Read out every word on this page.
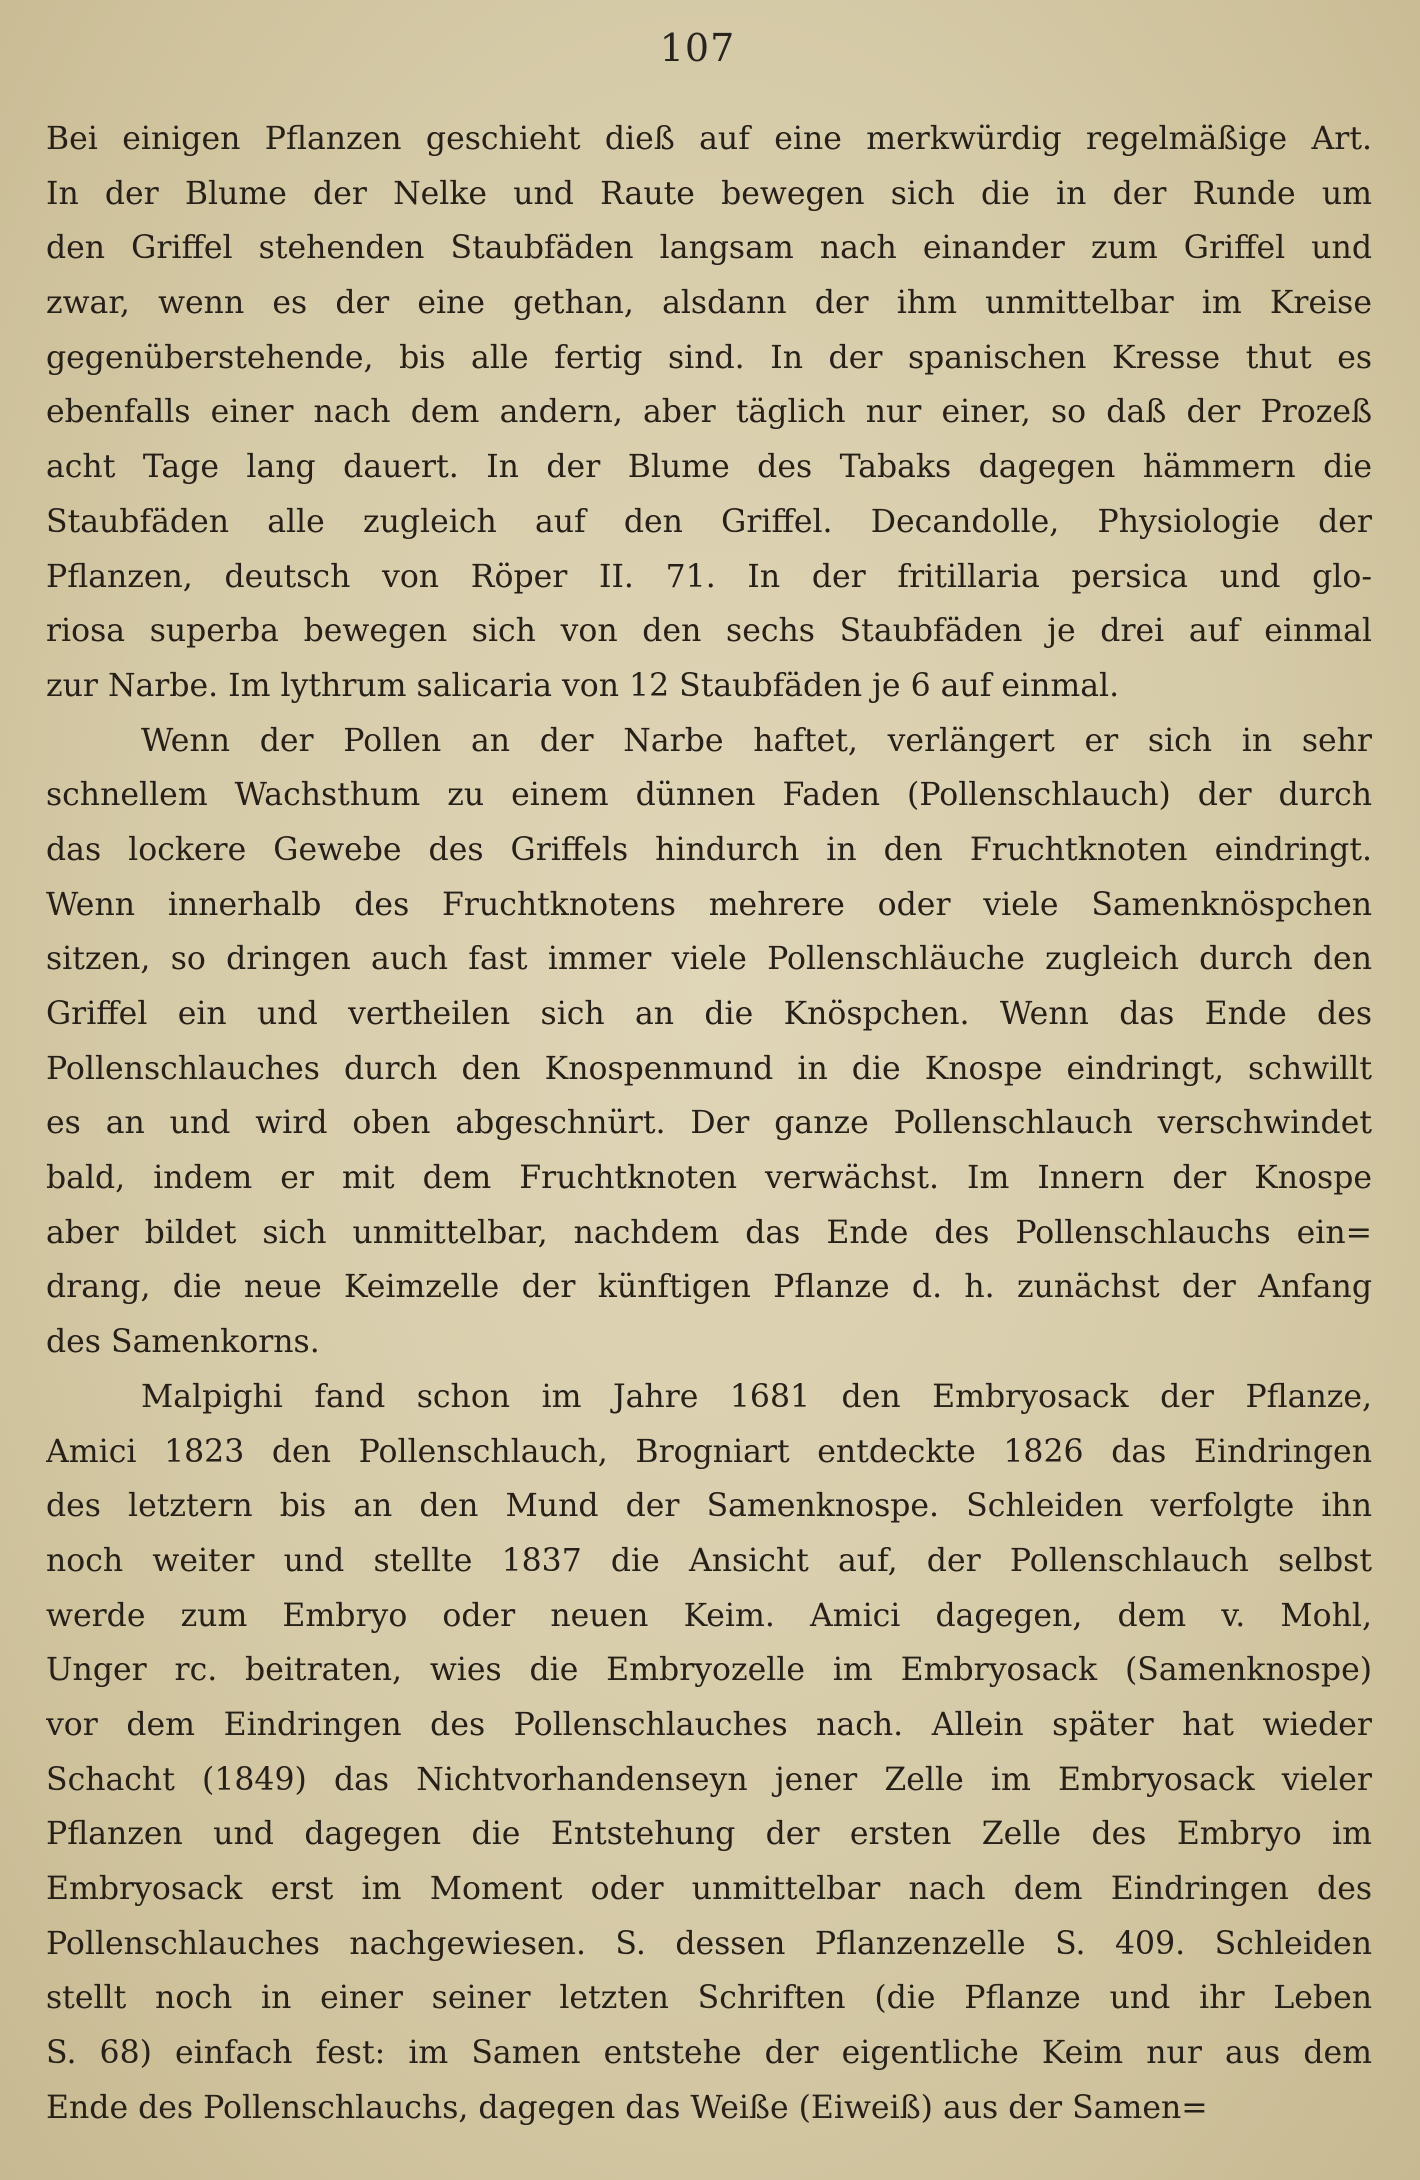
107
Bei einigen Pflanzen geschieht dieß auf eine merkwürdig regelmäßige Art.
In der Blume der Nelke und Raute bewegen sich die in der Runde um
den Griffel stehenden Staubfäden langsam nach einander zum Griffel und
zwar, wenn es der eine gethan, alsdann der ihm unmittelbar im Kreise
gegenüberstehende, bis alle fertig sind. In der spanischen Kresse thut es
ebenfalls einer nach dem andern, aber täglich nur einer, so daß der Prozeß
acht Tage lang dauert. In der Blume des Tabaks dagegen hämmern die
Staubfäden alle zugleich auf den Griffel. Decandolle, Physiologie der
Pflanzen, deutsch von Röper II. 71. In der fritillaria persica und glo-
riosa superba bewegen sich von den sechs Staubfäden je drei auf einmal
zur Narbe. Im lythrum salicaria von 12 Staubfäden je 6 auf einmal.
Wenn der Pollen an der Narbe haftet, verlängert er sich in sehr
schnellem Wachsthum zu einem dünnen Faden (Pollenschlauch) der durch
das lockere Gewebe des Griffels hindurch in den Fruchtknoten eindringt.
Wenn innerhalb des Fruchtknotens mehrere oder viele Samenknöspchen
sitzen, so dringen auch fast immer viele Pollenschläuche zugleich durch den
Griffel ein und vertheilen sich an die Knöspchen. Wenn das Ende des
Pollenschlauches durch den Knospenmund in die Knospe eindringt, schwillt
es an und wird oben abgeschnürt. Der ganze Pollenschlauch verschwindet
bald, indem er mit dem Fruchtknoten verwächst. Im Innern der Knospe
aber bildet sich unmittelbar, nachdem das Ende des Pollenschlauchs ein=
drang, die neue Keimzelle der künftigen Pflanze d. h. zunächst der Anfang
des Samenkorns.
Malpighi fand schon im Jahre 1681 den Embryosack der Pflanze,
Amici 1823 den Pollenschlauch, Brogniart entdeckte 1826 das Eindringen
des letztern bis an den Mund der Samenknospe. Schleiden verfolgte ihn
noch weiter und stellte 1837 die Ansicht auf, der Pollenschlauch selbst
werde zum Embryo oder neuen Keim. Amici dagegen, dem v. Mohl,
Unger rc. beitraten, wies die Embryozelle im Embryosack (Samenknospe)
vor dem Eindringen des Pollenschlauches nach. Allein später hat wieder
Schacht (1849) das Nichtvorhandenseyn jener Zelle im Embryosack vieler
Pflanzen und dagegen die Entstehung der ersten Zelle des Embryo im
Embryosack erst im Moment oder unmittelbar nach dem Eindringen des
Pollenschlauches nachgewiesen. S. dessen Pflanzenzelle S. 409. Schleiden
stellt noch in einer seiner letzten Schriften (die Pflanze und ihr Leben
S. 68) einfach fest: im Samen entstehe der eigentliche Keim nur aus dem
Ende des Pollenschlauchs, dagegen das Weiße (Eiweiß) aus der Samen=
